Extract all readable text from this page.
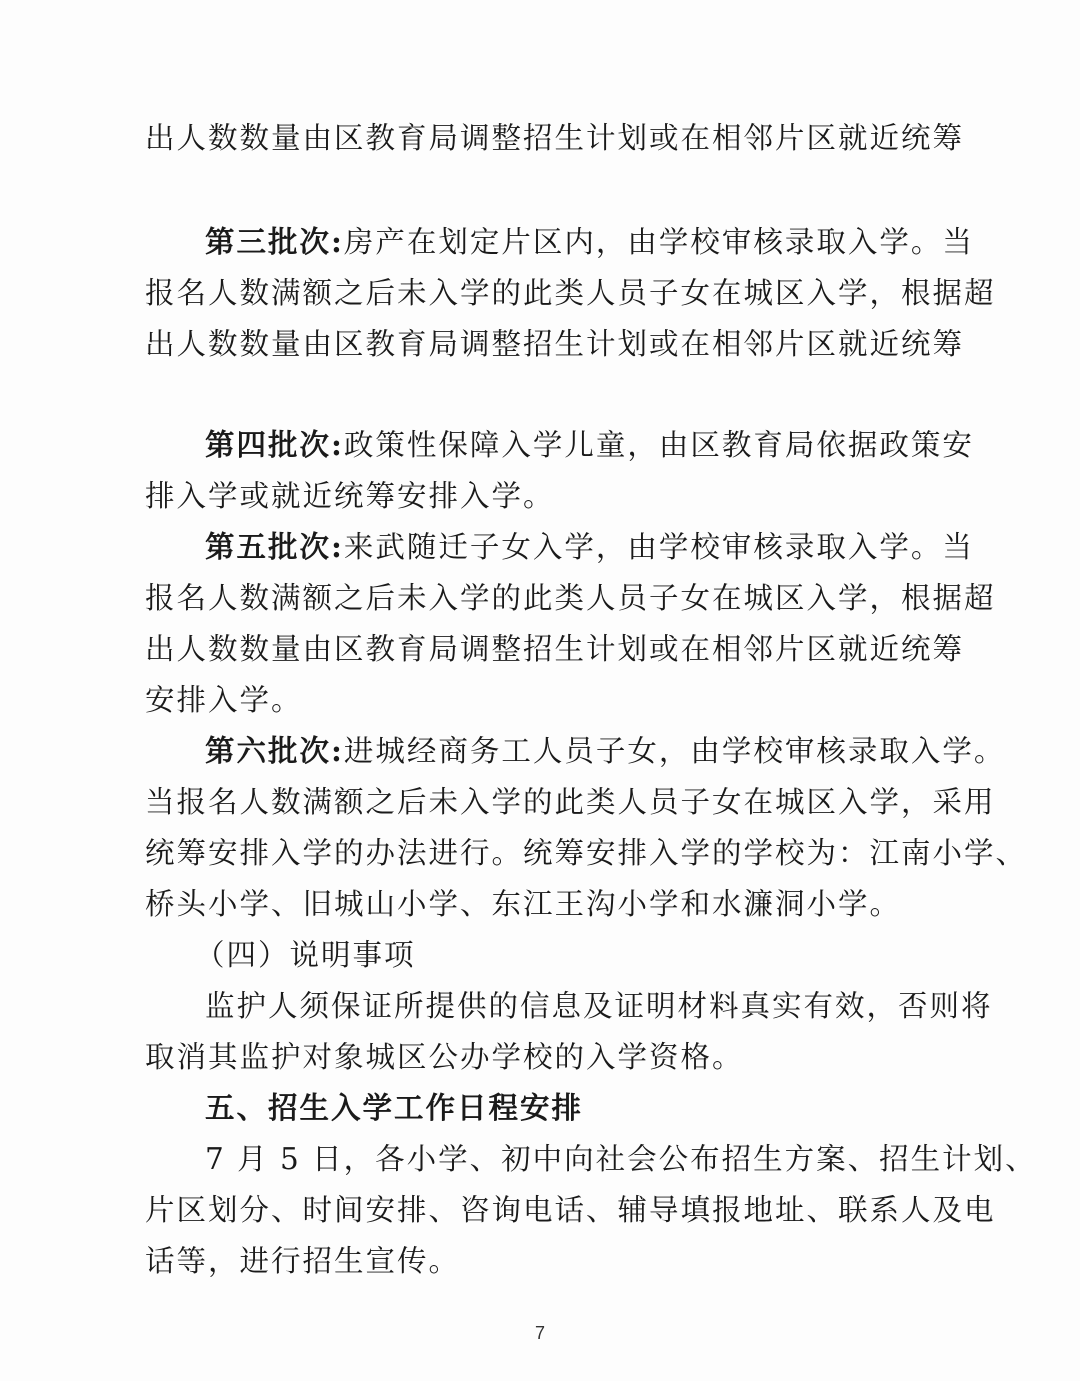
出人数数量由区教育局调整招生计划或在相邻片区就近统筹
第三批次:房产在划定片区内，由学校审核录取入学。当
报名人数满额之后未入学的此类人员子女在城区入学，根据超
出人数数量由区教育局调整招生计划或在相邻片区就近统筹
第四批次:政策性保障入学儿童，由区教育局依据政策安
排入学或就近统筹安排入学。
第五批次:来武随迁子女入学，由学校审核录取入学。当
报名人数满额之后未入学的此类人员子女在城区入学，根据超
出人数数量由区教育局调整招生计划或在相邻片区就近统筹
安排入学。
第六批次:进城经商务工人员子女，由学校审核录取入学。
当报名人数满额之后未入学的此类人员子女在城区入学，采用
统筹安排入学的办法进行。统筹安排入学的学校为：江南小学、
桥头小学、旧城山小学、东江王沟小学和水濂洞小学。
（四）说明事项
监护人须保证所提供的信息及证明材料真实有效，否则将
取消其监护对象城区公办学校的入学资格。
五、招生入学工作日程安排
7 月 5 日，各小学、初中向社会公布招生方案、招生计划、
片区划分、时间安排、咨询电话、辅导填报地址、联系人及电
话等，进行招生宣传。
7
